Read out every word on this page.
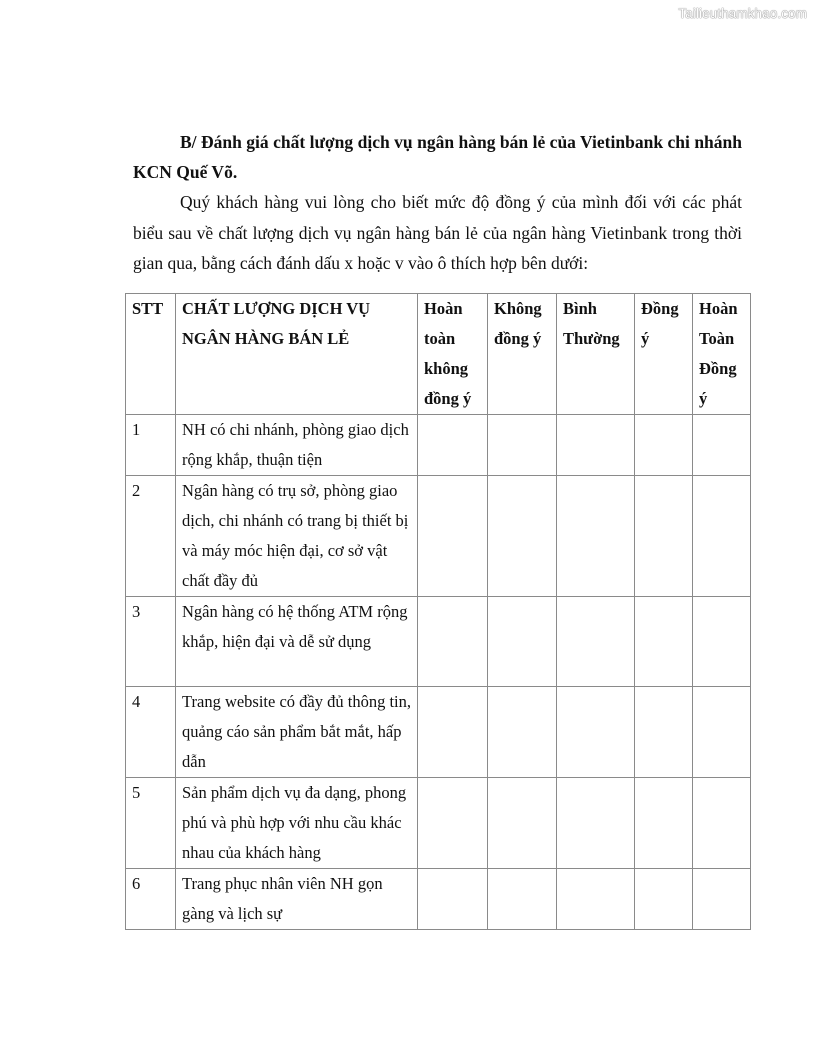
Tailieuthamkhao.com

B/ Đánh giá chất lượng dịch vụ ngân hàng bán lẻ của Vietinbank chi nhánh KCN Quế Võ.

Quý khách hàng vui lòng cho biết mức độ đồng ý của mình đối với các phát biểu sau về chất lượng dịch vụ ngân hàng bán lẻ của ngân hàng Vietinbank trong thời gian qua, bằng cách đánh dấu x hoặc v vào ô thích hợp bên dưới:

STT	CHẤT LƯỢNG DỊCH VỤ NGÂN HÀNG BÁN LẺ	Hoàn toàn không đồng ý	Không đồng ý	Bình Thường	Đồng ý	Hoàn Toàn Đồng ý
1	NH có chi nhánh, phòng giao dịch rộng khắp, thuận tiện					
2	Ngân hàng có trụ sở, phòng giao dịch, chi nhánh có trang bị thiết bị và máy móc hiện đại, cơ sở vật chất đầy đủ					
3	Ngân hàng có hệ thống ATM rộng khắp, hiện đại và dễ sử dụng					
4	Trang website có đầy đủ thông tin, quảng cáo sản phẩm bắt mắt, hấp dẫn					
5	Sản phẩm dịch vụ đa dạng, phong phú và phù hợp với nhu cầu khác nhau của khách hàng					
6	Trang phục nhân viên NH gọn gàng và lịch sự					
